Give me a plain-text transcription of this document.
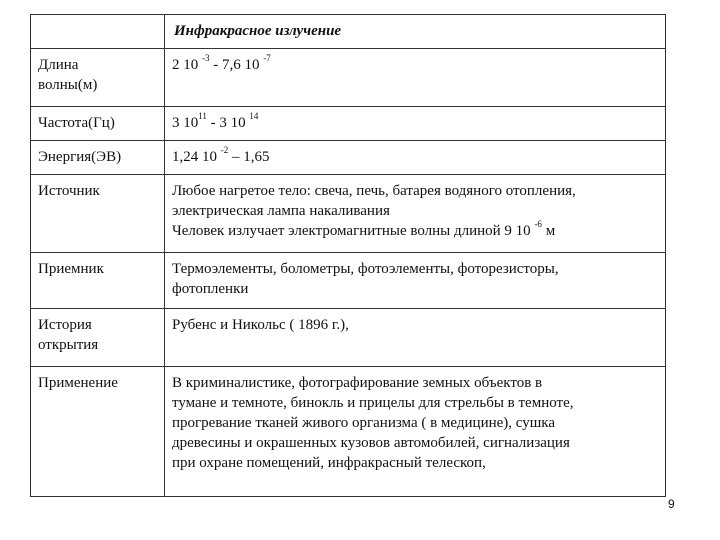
	Инфракрасное излучение

Длина
волны(м)	2 10 $^{-3}$ - 7,6 10 $^{-7}$
Частота(Гц)	3 $10^{11} - 3$ 10 $^{14}$
Энергия(ЭВ)	1,24 10 $^{-2}$ – 1,65
Источник	Любое нагретое тело: свеча, печь, батарея водяного отопления,
электрическая лампа накаливания
Человек излучает электромагнитные волны длиной 9 10 $^{-6}$ м

Приемник	Термоэлементы, болометры, фотоэлементы, фоторезисторы,
фотопленки

История
открытия	Рубенс и Никольс ( 1896 г.),
Применение	В криминалистике, фотографирование земных объектов в
тумане и темноте, бинокль и прицелы для стрельбы в темноте,
прогревание тканей живого организма ( в медицине), сушка
древесины и окрашенных кузовов автомобилей, сигнализация
при охране помещений, инфракрасный телескоп,
9
